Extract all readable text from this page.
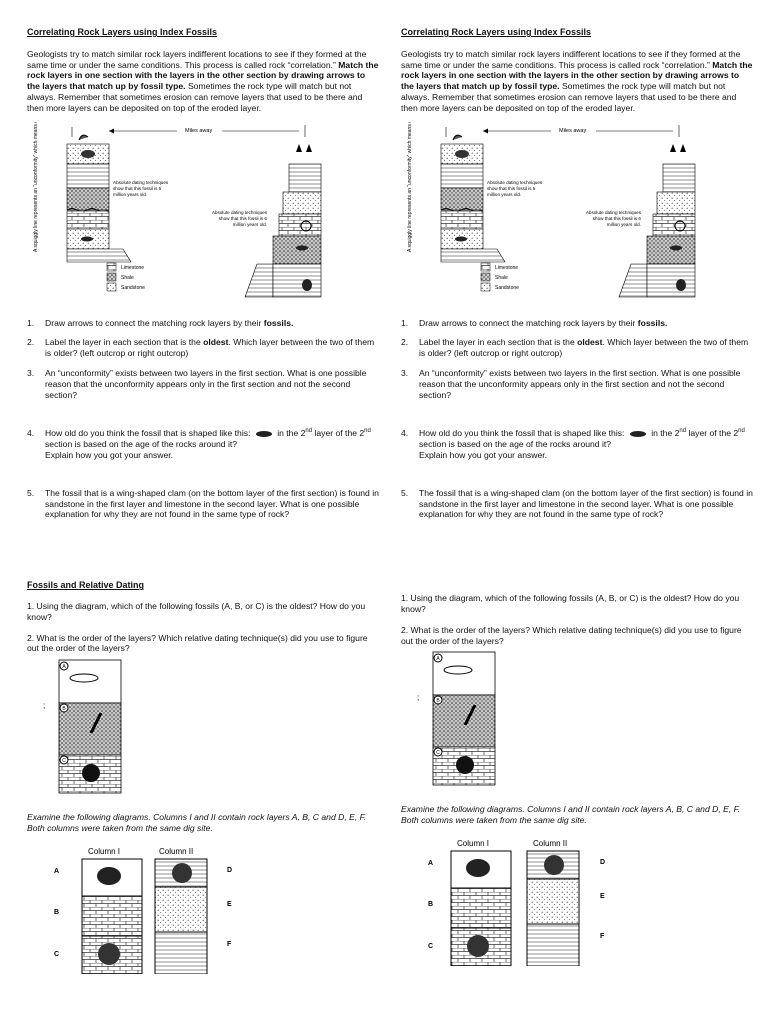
Correlating Rock Layers using Index Fossils
Geologists try to match similar rock layers indifferent locations to see if they formed at the same time or under the same conditions. This process is called rock “correlation.” Match the rock layers in one section with the layers in the other section by drawing arrows to the layers that match up by fossil type. Sometimes the rock type will match but not always. Remember that sometimes erosion can remove layers that used to be there and then more layers can be deposited on top of the eroded layer.
Miles away
A squiggly line represents an “unconformity” which means erosion	Absolute dating techniques show that this fossil is 5 million years old.
Absolute dating techniques show that this fossil is 6 million years old.
Limestone
Shale
Sandstone
1. Draw arrows to connect the matching rock layers by their fossils.
2. Label the layer in each section that is the oldest. Which layer between the two of them is older? (left outcrop or right outcrop)
3. An “unconformity” exists between two layers in the first section. What is one possible reason that the unconformity appears only in the first section and not the second section?
4. How old do you think the fossil that is shaped like this:	in the 2nd layer of the 2nd section is based on the age of the rocks around it?
Explain how you got your answer.
5. The fossil that is a wing-shaped clam (on the bottom layer of the first section) is found in sandstone in the first layer and limestone in the second layer. What is one possible explanation for why they are not found in the same type of rock?
Fossils and Relative Dating
1. Using the diagram, which of the following fossils (A, B, or C) is the oldest? How do you know?
2. What is the order of the layers? Which relative dating technique(s) did you use to figure out the order of the layers?
A
B
C
;
Examine the following diagrams. Columns I and II contain rock layers A, B, C and D, E, F. Both columns were taken from the same dig site.
Column I	Column II
A
B
C
D
E
F
Correlating Rock Layers using Index Fossils
Geologists try to match similar rock layers indifferent locations to see if they formed at the same time or under the same conditions. This process is called rock “correlation.” Match the rock layers in one section with the layers in the other section by drawing arrows to the layers that match up by fossil type. Sometimes the rock type will match but not always. Remember that sometimes erosion can remove layers that used to be there and then more layers can be deposited on top of the eroded layer.
Miles away
A squiggly line represents an “unconformity” which means erosion	Absolute dating techniques show that this fossil is 5 million years old.
Absolute dating techniques show that this fossil is 6 million years old.
Limestone
Shale
Sandstone
1. Draw arrows to connect the matching rock layers by their fossils.
2. Label the layer in each section that is the oldest. Which layer between the two of them is older? (left outcrop or right outcrop)
3. An “unconformity” exists between two layers in the first section. What is one possible reason that the unconformity appears only in the first section and not the second section?
4. How old do you think the fossil that is shaped like this:	in the 2nd layer of the 2nd section is based on the age of the rocks around it?
Explain how you got your answer.
5. The fossil that is a wing-shaped clam (on the bottom layer of the first section) is found in sandstone in the first layer and limestone in the second layer. What is one possible explanation for why they are not found in the same type of rock?
1. Using the diagram, which of the following fossils (A, B, or C) is the oldest? How do you know?
2. What is the order of the layers? Which relative dating technique(s) did you use to figure out the order of the layers?
A
B
C
;
Examine the following diagrams. Columns I and II contain rock layers A, B, C and D, E, F. Both columns were taken from the same dig site.
Column I	Column II
A
B
C
D
E
F
